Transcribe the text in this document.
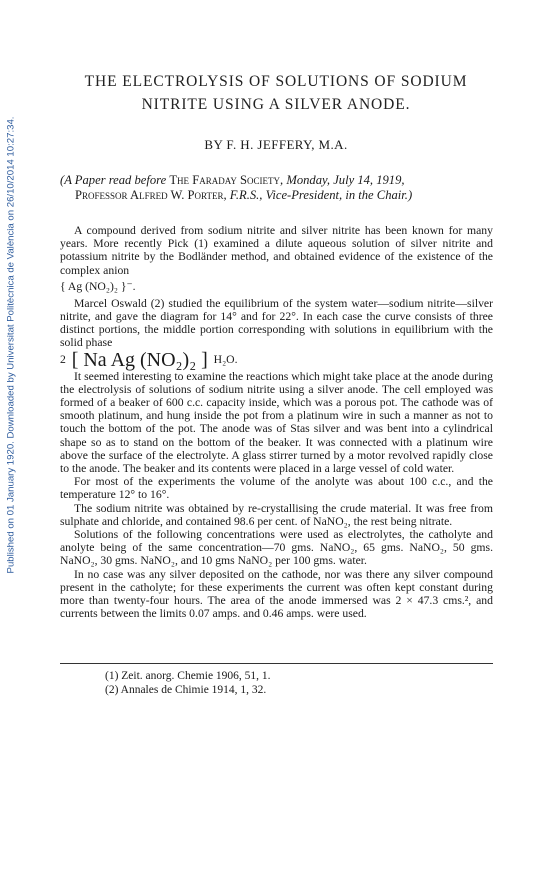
Published on 01 January 1920. Downloaded by Universitat Politècnica de València on 26/10/2014 10:27:34.
THE ELECTROLYSIS OF SOLUTIONS OF SODIUM
NITRITE USING A SILVER ANODE.
BY F. H. JEFFERY, M.A.
(A Paper read before The Faraday Society, Monday, July 14, 1919,
Professor Alfred W. Porter, F.R.S., Vice-President, in the Chair.)

A compound derived from sodium nitrite and silver nitrite has been known for many years. More recently Pick (1) examined a dilute aqueous solution of silver nitrite and potassium nitrite by the Bodländer method, and obtained evidence of the existence of the complex anion

{ Ag (NO₂)₂ }⁻.

Marcel Oswald (2) studied the equilibrium of the system water—sodium nitrite—silver nitrite, and gave the diagram for 14° and for 22°. In each case the curve consists of three distinct portions, the middle portion corresponding with solutions in equilibrium with the solid phase

2 [ Na Ag (NO₂)₂ ] H₂O.

It seemed interesting to examine the reactions which might take place at the anode during the electrolysis of solutions of sodium nitrite using a silver anode. The cell employed was formed of a beaker of 600 c.c. capacity inside, which was a porous pot. The cathode was of smooth platinum, and hung inside the pot from a platinum wire in such a manner as not to touch the bottom of the pot. The anode was of Stas silver and was bent into a cylindrical shape so as to stand on the bottom of the beaker. It was connected with a platinum wire above the surface of the electrolyte. A glass stirrer turned by a motor revolved rapidly close to the anode. The beaker and its contents were placed in a large vessel of cold water.

For most of the experiments the volume of the anolyte was about 100 c.c., and the temperature 12° to 16°.

The sodium nitrite was obtained by re-crystallising the crude material. It was free from sulphate and chloride, and contained 98.6 per cent. of NaNO₂, the rest being nitrate.

Solutions of the following concentrations were used as electrolytes, the catholyte and anolyte being of the same concentration—70 gms. NaNO₂, 65 gms. NaNO₂, 50 gms. NaNO₂, 30 gms. NaNO₂, and 10 gms NaNO₂ per 100 gms. water.

In no case was any silver deposited on the cathode, nor was there any silver compound present in the catholyte; for these experiments the current was often kept constant during more than twenty-four hours. The area of the anode immersed was 2 × 47.3 cms.², and currents between the limits 0.07 amps. and 0.46 amps. were used.

(1) Zeit. anorg. Chemie 1906, 51, 1.
(2) Annales de Chimie 1914, 1, 32.
